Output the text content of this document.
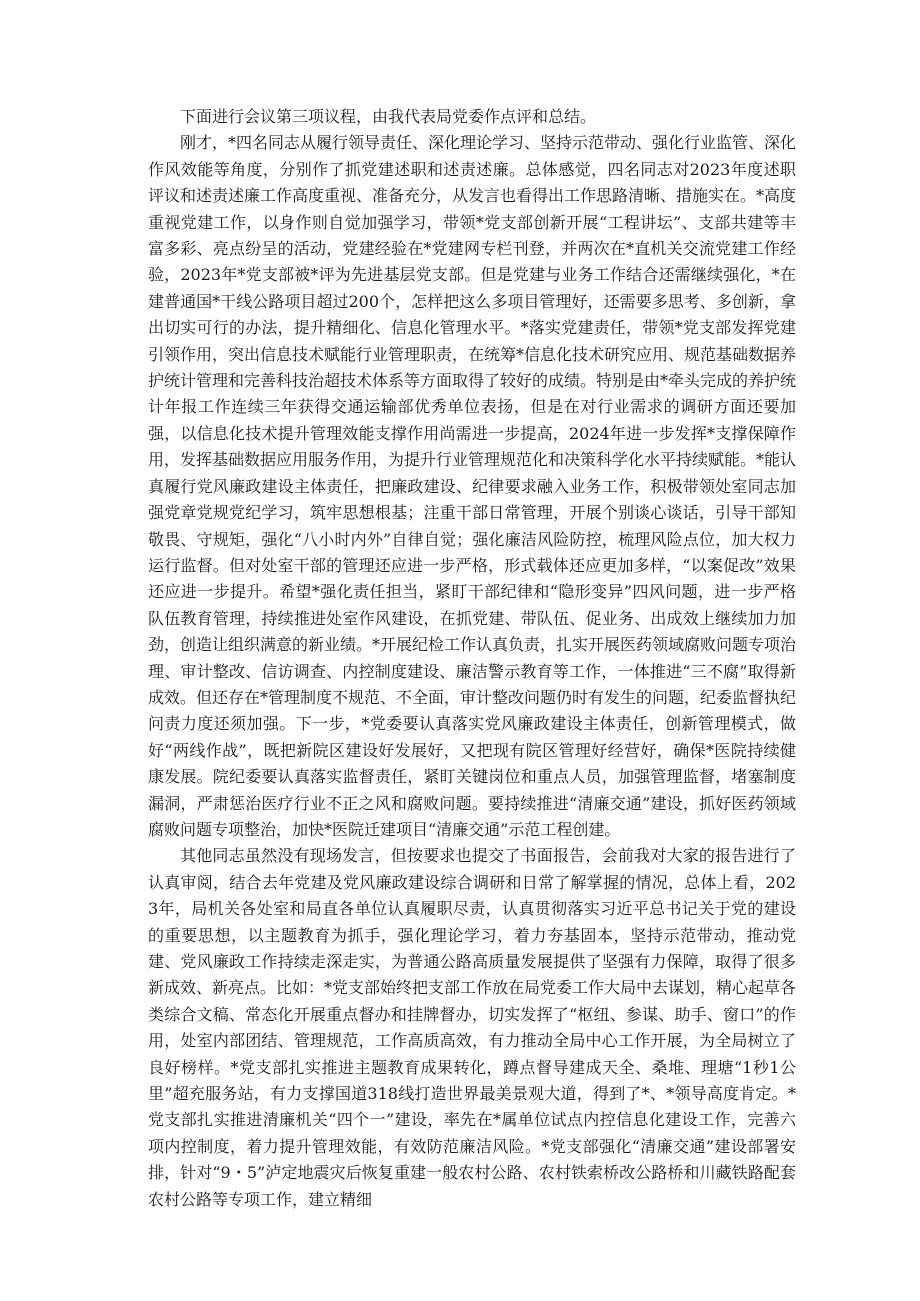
下面进行会议第三项议程，由我代表局党委作点评和总结。

刚才，*四名同志从履行领导责任、深化理论学习、坚持示范带动、强化行业监管、深化作风效能等角度，分别作了抓党建述职和述责述廉。总体感觉，四名同志对2023年度述职评议和述责述廉工作高度重视、准备充分，从发言也看得出工作思路清晰、措施实在。*高度重视党建工作，以身作则自觉加强学习，带领*党支部创新开展“工程讲坛”、支部共建等丰富多彩、亮点纷呈的活动，党建经验在*党建网专栏刊登，并两次在*直机关交流党建工作经验，2023年*党支部被*评为先进基层党支部。但是党建与业务工作结合还需继续强化，*在建普通国*干线公路项目超过200个，怎样把这么多项目管理好，还需要多思考、多创新，拿出切实可行的办法，提升精细化、信息化管理水平。*落实党建责任，带领*党支部发挥党建引领作用，突出信息技术赋能行业管理职责，在统筹*信息化技术研究应用、规范基础数据养护统计管理和完善科技治超技术体系等方面取得了较好的成绩。特别是由*牵头完成的养护统计年报工作连续三年获得交通运输部优秀单位表扬，但是在对行业需求的调研方面还要加强，以信息化技术提升管理效能支撑作用尚需进一步提高，2024年进一步发挥*支撑保障作用，发挥基础数据应用服务作用，为提升行业管理规范化和决策科学化水平持续赋能。*能认真履行党风廉政建设主体责任，把廉政建设、纪律要求融入业务工作，积极带领处室同志加强党章党规党纪学习，筑牢思想根基；注重干部日常管理，开展个别谈心谈话，引导干部知敬畏、守规矩，强化“八小时内外”自律自觉；强化廉洁风险防控，梳理风险点位，加大权力运行监督。但对处室干部的管理还应进一步严格，形式载体还应更加多样，“以案促改”效果还应进一步提升。希望*强化责任担当，紧盯干部纪律和“隐形变异”四风问题，进一步严格队伍教育管理，持续推进处室作风建设，在抓党建、带队伍、促业务、出成效上继续加力加劲，创造让组织满意的新业绩。*开展纪检工作认真负责，扎实开展医药领域腐败问题专项治理、审计整改、信访调查、内控制度建设、廉洁警示教育等工作，一体推进“三不腐”取得新成效。但还存在*管理制度不规范、不全面，审计整改问题仍时有发生的问题，纪委监督执纪问责力度还须加强。下一步，*党委要认真落实党风廉政建设主体责任，创新管理模式，做好“两线作战”，既把新院区建设好发展好，又把现有院区管理好经营好，确保*医院持续健康发展。院纪委要认真落实监督责任，紧盯关键岗位和重点人员，加强管理监督，堵塞制度漏洞，严肃惩治医疗行业不正之风和腐败问题。要持续推进“清廉交通”建设，抓好医药领域腐败问题专项整治，加快*医院迁建项目“清廉交通”示范工程创建。

其他同志虽然没有现场发言，但按要求也提交了书面报告，会前我对大家的报告进行了认真审阅，结合去年党建及党风廉政建设综合调研和日常了解掌握的情况，总体上看，2023年，局机关各处室和局直各单位认真履职尽责，认真贯彻落实习近平总书记关于党的建设的重要思想，以主题教育为抓手，强化理论学习，着力夯基固本，坚持示范带动，推动党建、党风廉政工作持续走深走实，为普通公路高质量发展提供了坚强有力保障，取得了很多新成效、新亮点。比如：*党支部始终把支部工作放在局党委工作大局中去谋划，精心起草各类综合文稿、常态化开展重点督办和挂牌督办，切实发挥了“枢纽、参谋、助手、窗口”的作用，处室内部团结、管理规范，工作高质高效，有力推动全局中心工作开展，为全局树立了良好榜样。*党支部扎实推进主题教育成果转化，蹲点督导建成天全、桑堆、理塘“1秒1公里”超充服务站，有力支撑国道318线打造世界最美景观大道，得到了*、*领导高度肯定。*党支部扎实推进清廉机关“四个一”建设，率先在*属单位试点内控信息化建设工作，完善六项内控制度，着力提升管理效能，有效防范廉洁风险。*党支部强化“清廉交通”建设部署安排，针对“9・5”泸定地震灾后恢复重建一般农村公路、农村铁索桥改公路桥和川藏铁路配套农村公路等专项工作，建立精细
